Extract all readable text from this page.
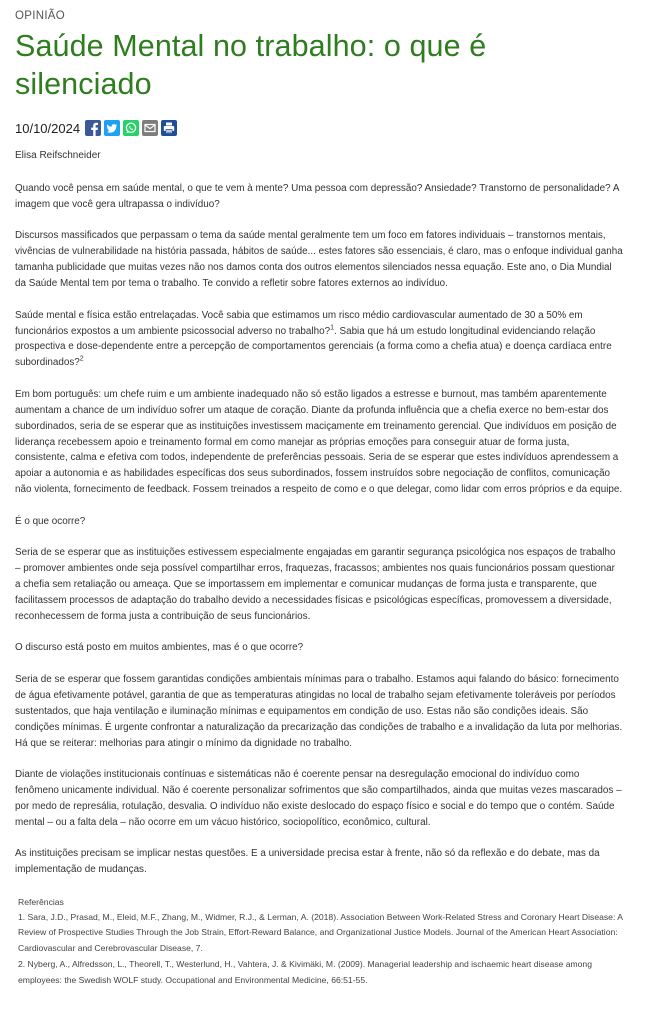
OPINIÃO

Saúde Mental no trabalho: o que é silenciado
10/10/2024
Elisa Reifschneider

Quando você pensa em saúde mental, o que te vem à mente? Uma pessoa com depressão? Ansiedade? Transtorno de personalidade? A imagem que você gera ultrapassa o indivíduo?

Discursos massificados que perpassam o tema da saúde mental geralmente tem um foco em fatores individuais – transtornos mentais, vivências de vulnerabilidade na história passada, hábitos de saúde... estes fatores são essenciais, é claro, mas o enfoque individual ganha tamanha publicidade que muitas vezes não nos damos conta dos outros elementos silenciados nessa equação. Este ano, o Dia Mundial da Saúde Mental tem por tema o trabalho. Te convido a refletir sobre fatores externos ao indivíduo.

Saúde mental e física estão entrelaçadas. Você sabia que estimamos um risco médio cardiovascular aumentado de 30 a 50% em funcionários expostos a um ambiente psicossocial adverso no trabalho?$^1$. Sabia que há um estudo longitudinal evidenciando relação prospectiva e dose-dependente entre a percepção de comportamentos gerenciais (a forma como a chefia atua) e doença cardíaca entre subordinados?$^2$

Em bom português: um chefe ruim e um ambiente inadequado não só estão ligados a estresse e burnout, mas também aparentemente aumentam a chance de um indivíduo sofrer um ataque de coração. Diante da profunda influência que a chefia exerce no bem-estar dos subordinados, seria de se esperar que as instituições investissem maciçamente em treinamento gerencial. Que indivíduos em posição de liderança recebessem apoio e treinamento formal em como manejar as próprias emoções para conseguir atuar de forma justa, consistente, calma e efetiva com todos, independente de preferências pessoais. Seria de se esperar que estes indivíduos aprendessem a apoiar a autonomia e as habilidades específicas dos seus subordinados, fossem instruídos sobre negociação de conflitos, comunicação não violenta, fornecimento de feedback. Fossem treinados a respeito de como e o que delegar, como lidar com erros próprios e da equipe.

É o que ocorre?

Seria de se esperar que as instituições estivessem especialmente engajadas em garantir segurança psicológica nos espaços de trabalho – promover ambientes onde seja possível compartilhar erros, fraquezas, fracassos; ambientes nos quais funcionários possam questionar a chefia sem retaliação ou ameaça. Que se importassem em implementar e comunicar mudanças de forma justa e transparente, que facilitassem processos de adaptação do trabalho devido a necessidades físicas e psicológicas específicas, promovessem a diversidade, reconhecessem de forma justa a contribuição de seus funcionários.

O discurso está posto em muitos ambientes, mas é o que ocorre?

Seria de se esperar que fossem garantidas condições ambientais mínimas para o trabalho. Estamos aqui falando do básico: fornecimento de água efetivamente potável, garantia de que as temperaturas atingidas no local de trabalho sejam efetivamente toleráveis por períodos sustentados, que haja ventilação e iluminação mínimas e equipamentos em condição de uso. Estas não são condições ideais. São condições mínimas. É urgente confrontar a naturalização da precarização das condições de trabalho e a invalidação da luta por melhorias. Há que se reiterar: melhorias para atingir o mínimo da dignidade no trabalho.

Diante de violações institucionais contínuas e sistemáticas não é coerente pensar na desregulação emocional do indivíduo como fenômeno unicamente individual. Não é coerente personalizar sofrimentos que são compartilhados, ainda que muitas vezes mascarados – por medo de represália, rotulação, desvalia. O indivíduo não existe deslocado do espaço físico e social e do tempo que o contém. Saúde mental – ou a falta dela – não ocorre em um vácuo histórico, sociopolítico, econômico, cultural.

As instituições precisam se implicar nestas questões. E a universidade precisa estar à frente, não só da reflexão e do debate, mas da implementação de mudanças.

Referências
1. Sara, J.D., Prasad, M., Eleid, M.F., Zhang, M., Widmer, R.J., & Lerman, A. (2018). Association Between Work-Related Stress and Coronary Heart Disease: A Review of Prospective Studies Through the Job Strain, Effort-Reward Balance, and Organizational Justice Models. Journal of the American Heart Association: Cardiovascular and Cerebrovascular Disease, 7.
2. Nyberg, A., Alfredsson, L., Theorell, T., Westerlund, H., Vahtera, J. & Kivimäki, M. (2009). Managerial leadership and ischaemic heart disease among employees: the Swedish WOLF study. Occupational and Environmental Medicine, 66:51-55.
